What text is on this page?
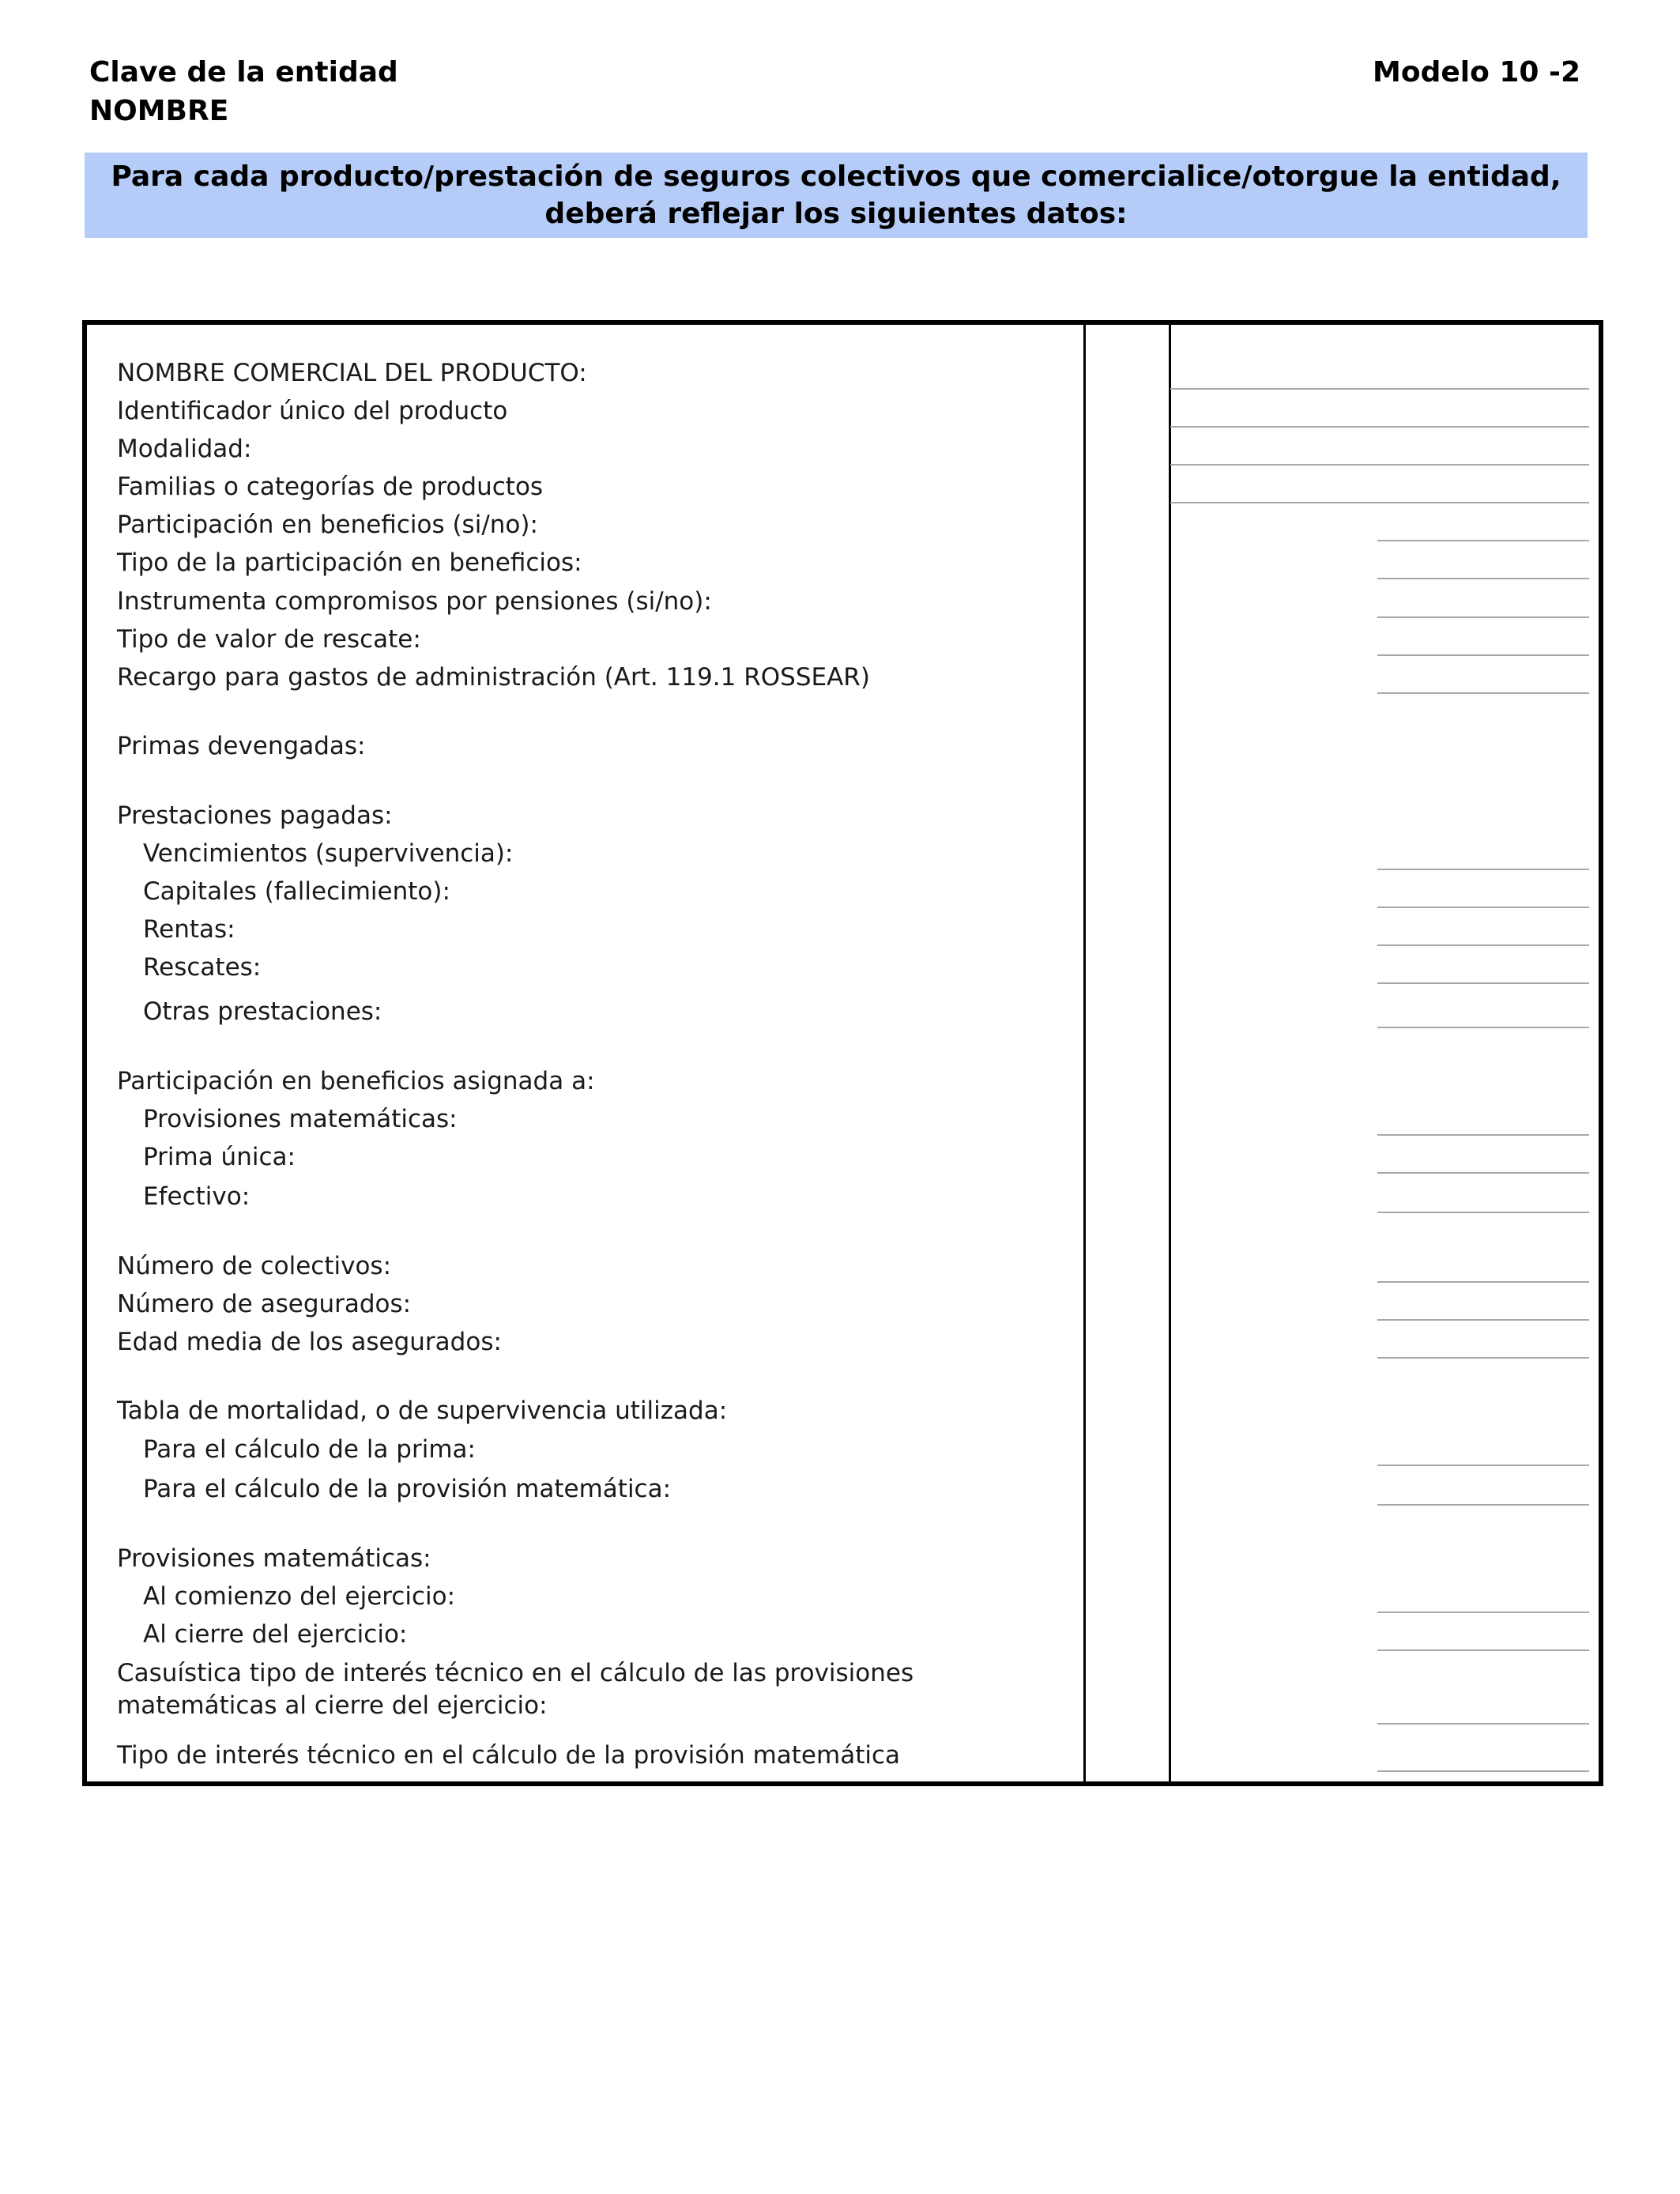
Clave de la entidad
NOMBRE
Modelo 10 -2
Para cada producto/prestación de seguros colectivos que comercialice/otorgue la entidad,
deberá reflejar los siguientes datos:
NOMBRE COMERCIAL DEL PRODUCTO:
Identificador único del producto
Modalidad:
Familias o categorías de productos
Participación en beneficios (si/no):
Tipo de la participación en beneficios:
Instrumenta compromisos por pensiones (si/no):
Tipo de valor de rescate:
Recargo para gastos de administración (Art. 119.1 ROSSEAR)
Primas devengadas:
Prestaciones pagadas:
Vencimientos (supervivencia):
Capitales (fallecimiento):
Rentas:
Rescates:
Otras prestaciones:
Participación en beneficios asignada a:
Provisiones matemáticas:
Prima única:
Efectivo:
Número de colectivos:
Número de asegurados:
Edad media de los asegurados:
Tabla de mortalidad, o de supervivencia utilizada:
Para el cálculo de la prima:
Para el cálculo de la provisión matemática:
Provisiones matemáticas:
Al comienzo del ejercicio:
Al cierre del ejercicio:
Casuística tipo de interés técnico en el cálculo de las provisiones
matemáticas al cierre del ejercicio:
Tipo de interés técnico en el cálculo de la provisión matemática
